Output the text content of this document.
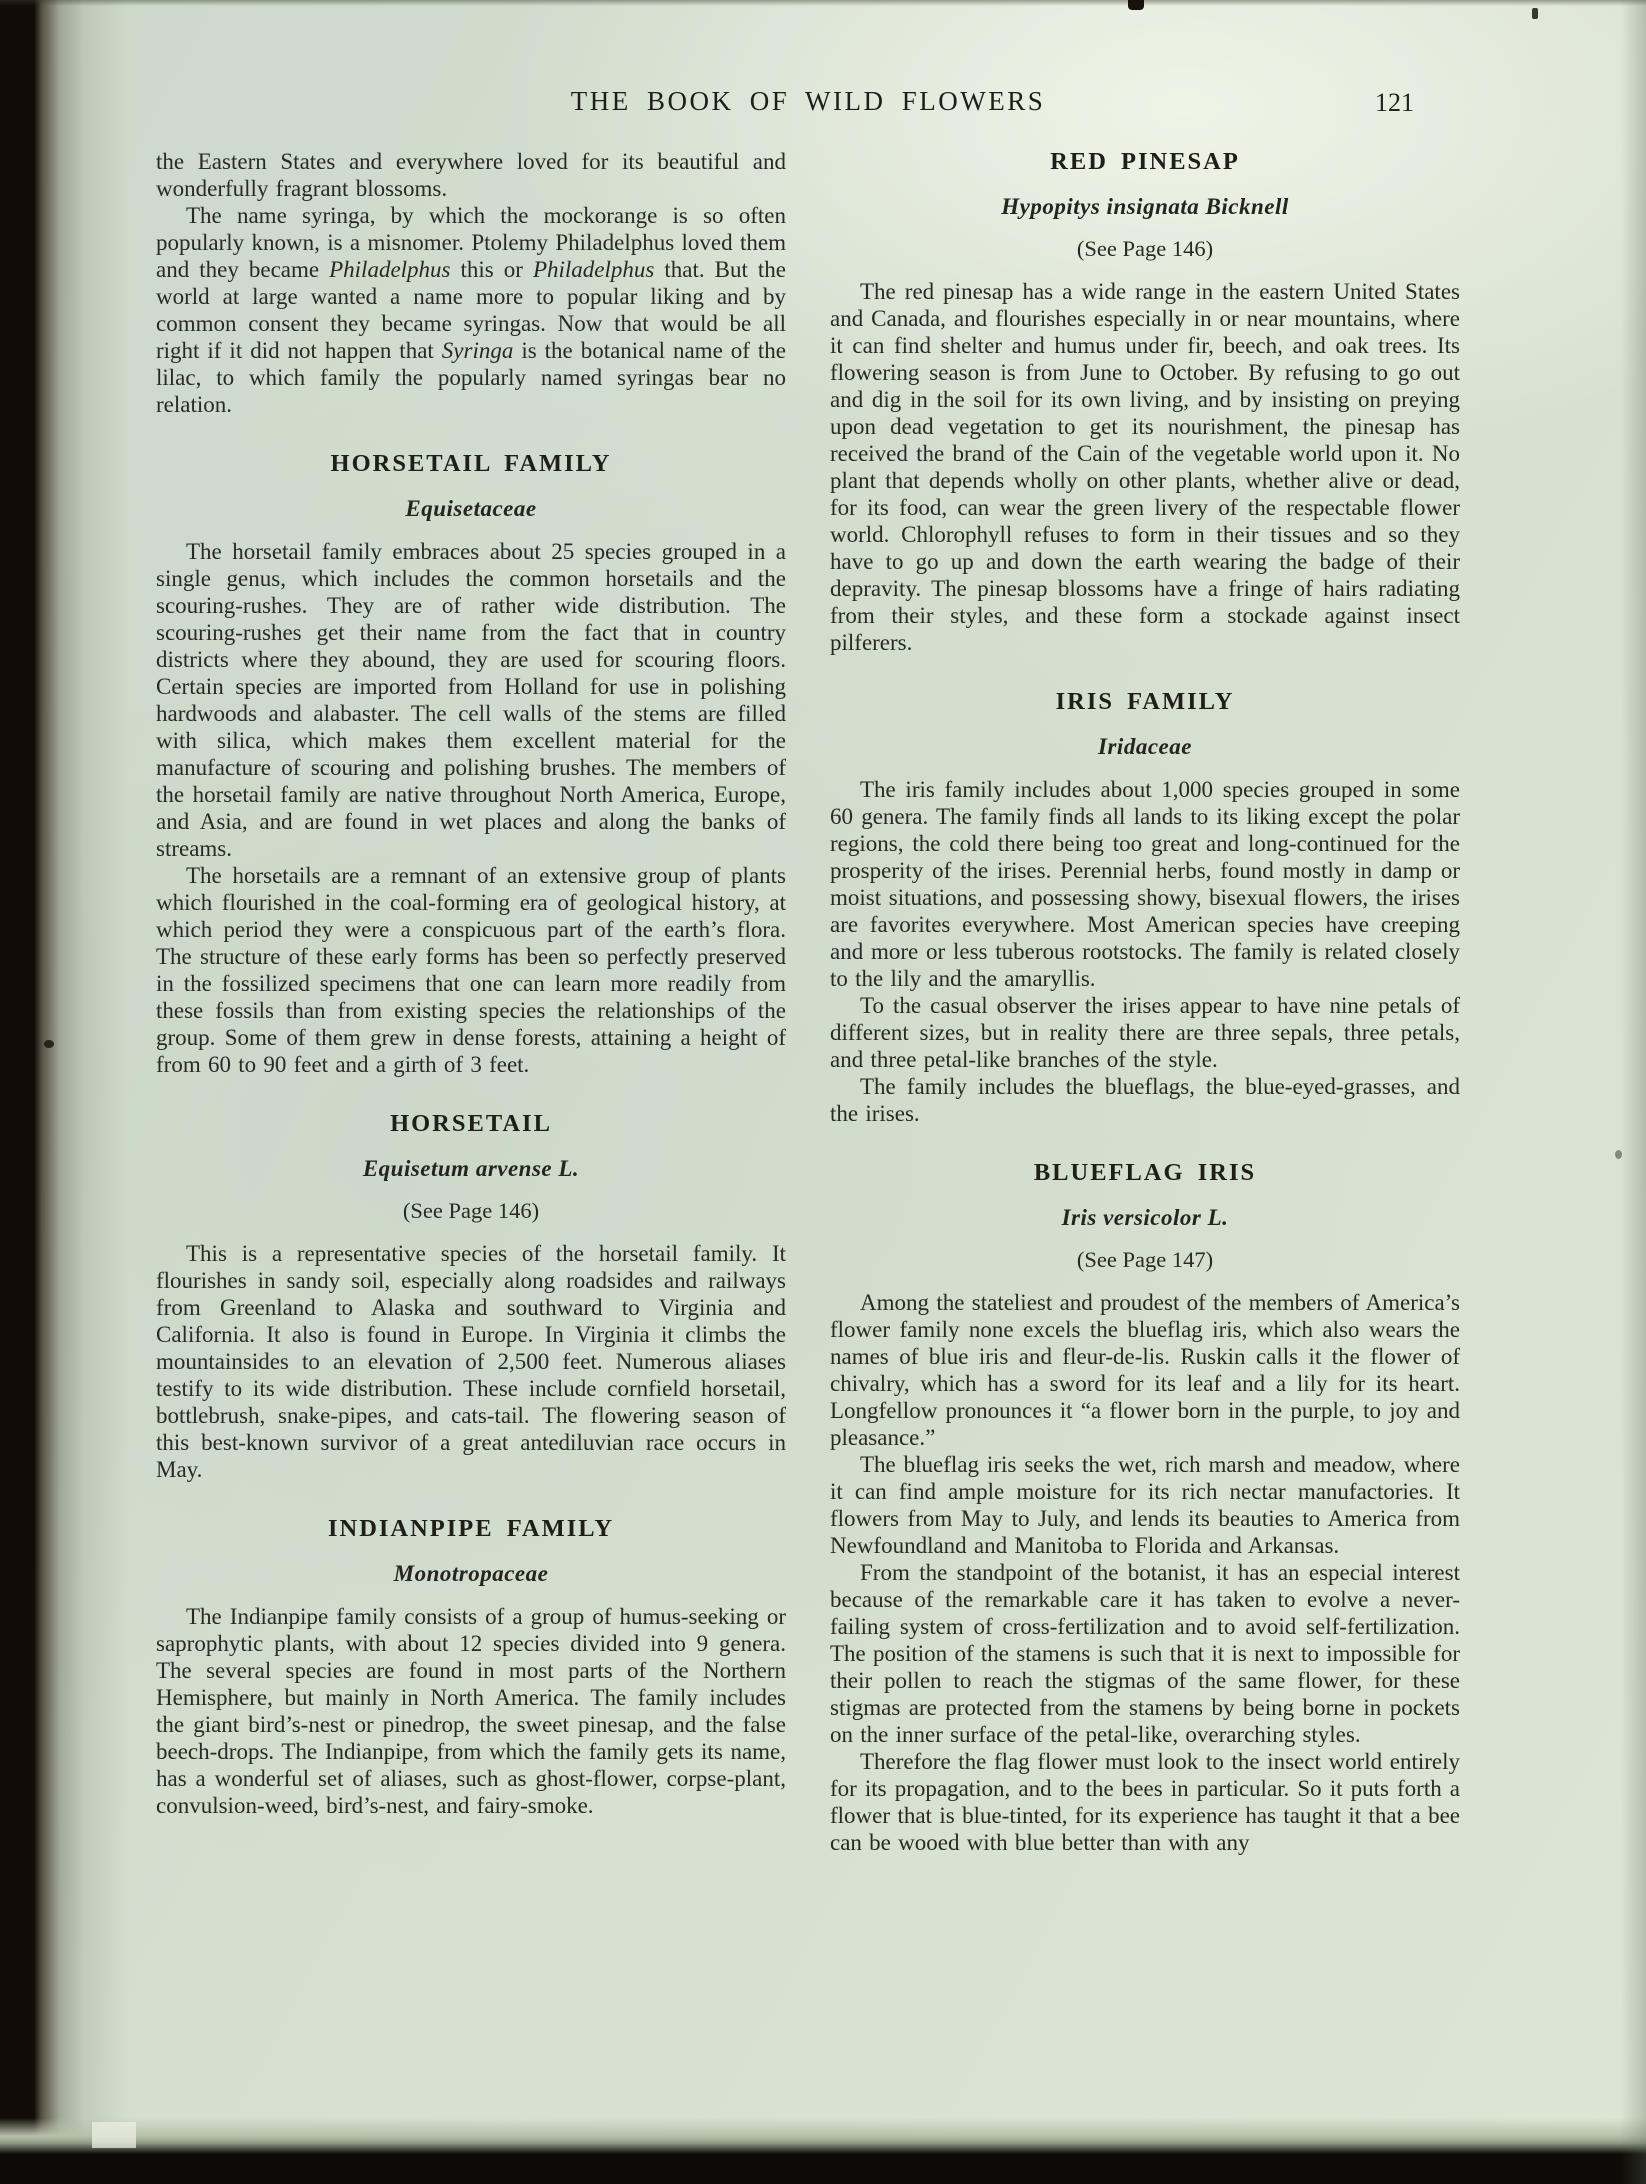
THE BOOK OF WILD FLOWERS	121

the Eastern States and everywhere loved for its beautiful and wonderfully fragrant blossoms.

The name syringa, by which the mockorange is so often popularly known, is a misnomer. Ptolemy Philadelphus loved them and they became Philadelphus this or Philadelphus that. But the world at large wanted a name more to popular liking and by common consent they became syringas. Now that would be all right if it did not happen that Syringa is the botanical name of the lilac, to which family the popularly named syringas bear no relation.

HORSETAIL FAMILY
Equisetaceae

The horsetail family embraces about 25 species grouped in a single genus, which includes the common horsetails and the scouring-rushes. They are of rather wide distribution. The scouring-rushes get their name from the fact that in country districts where they abound, they are used for scouring floors. Certain species are imported from Holland for use in polishing hardwoods and alabaster. The cell walls of the stems are filled with silica, which makes them excellent material for the manufacture of scouring and polishing brushes. The members of the horsetail family are native throughout North America, Europe, and Asia, and are found in wet places and along the banks of streams.

The horsetails are a remnant of an extensive group of plants which flourished in the coal-forming era of geological history, at which period they were a conspicuous part of the earth’s flora. The structure of these early forms has been so perfectly preserved in the fossilized specimens that one can learn more readily from these fossils than from existing species the relationships of the group. Some of them grew in dense forests, attaining a height of from 60 to 90 feet and a girth of 3 feet.

HORSETAIL
Equisetum arvense L.
(See Page 146)

This is a representative species of the horsetail family. It flourishes in sandy soil, especially along roadsides and railways from Greenland to Alaska and southward to Virginia and California. It also is found in Europe. In Virginia it climbs the mountainsides to an elevation of 2,500 feet. Numerous aliases testify to its wide distribution. These include cornfield horsetail, bottlebrush, snake-pipes, and cats-tail. The flowering season of this best-known survivor of a great antediluvian race occurs in May.

INDIANPIPE FAMILY
Monotropaceae

The Indianpipe family consists of a group of humus-seeking or saprophytic plants, with about 12 species divided into 9 genera. The several species are found in most parts of the Northern Hemisphere, but mainly in North America. The family includes the giant bird’s-nest or pinedrop, the sweet pinesap, and the false beech-drops. The Indianpipe, from which the family gets its name, has a wonderful set of aliases, such as ghost-flower, corpse-plant, convulsion-weed, bird’s-nest, and fairy-smoke.

RED PINESAP
Hypopitys insignata Bicknell
(See Page 146)

The red pinesap has a wide range in the eastern United States and Canada, and flourishes especially in or near mountains, where it can find shelter and humus under fir, beech, and oak trees. Its flowering season is from June to October. By refusing to go out and dig in the soil for its own living, and by insisting on preying upon dead vegetation to get its nourishment, the pinesap has received the brand of the Cain of the vegetable world upon it. No plant that depends wholly on other plants, whether alive or dead, for its food, can wear the green livery of the respectable flower world. Chlorophyll refuses to form in their tissues and so they have to go up and down the earth wearing the badge of their depravity. The pinesap blossoms have a fringe of hairs radiating from their styles, and these form a stockade against insect pilferers.

IRIS FAMILY
Iridaceae

The iris family includes about 1,000 species grouped in some 60 genera. The family finds all lands to its liking except the polar regions, the cold there being too great and long-continued for the prosperity of the irises. Perennial herbs, found mostly in damp or moist situations, and possessing showy, bisexual flowers, the irises are favorites everywhere. Most American species have creeping and more or less tuberous rootstocks. The family is related closely to the lily and the amaryllis.

To the casual observer the irises appear to have nine petals of different sizes, but in reality there are three sepals, three petals, and three petal-like branches of the style.

The family includes the blueflags, the blue-eyed-grasses, and the irises.

BLUEFLAG IRIS
Iris versicolor L.
(See Page 147)

Among the stateliest and proudest of the members of America’s flower family none excels the blueflag iris, which also wears the names of blue iris and fleur-de-lis. Ruskin calls it the flower of chivalry, which has a sword for its leaf and a lily for its heart. Longfellow pronounces it “a flower born in the purple, to joy and pleasance.”

The blueflag iris seeks the wet, rich marsh and meadow, where it can find ample moisture for its rich nectar manufactories. It flowers from May to July, and lends its beauties to America from Newfoundland and Manitoba to Florida and Arkansas.

From the standpoint of the botanist, it has an especial interest because of the remarkable care it has taken to evolve a never-failing system of cross-fertilization and to avoid self-fertilization. The position of the stamens is such that it is next to impossible for their pollen to reach the stigmas of the same flower, for these stigmas are protected from the stamens by being borne in pockets on the inner surface of the petal-like, overarching styles.

Therefore the flag flower must look to the insect world entirely for its propagation, and to the bees in particular. So it puts forth a flower that is blue-tinted, for its experience has taught it that a bee can be wooed with blue better than with any
